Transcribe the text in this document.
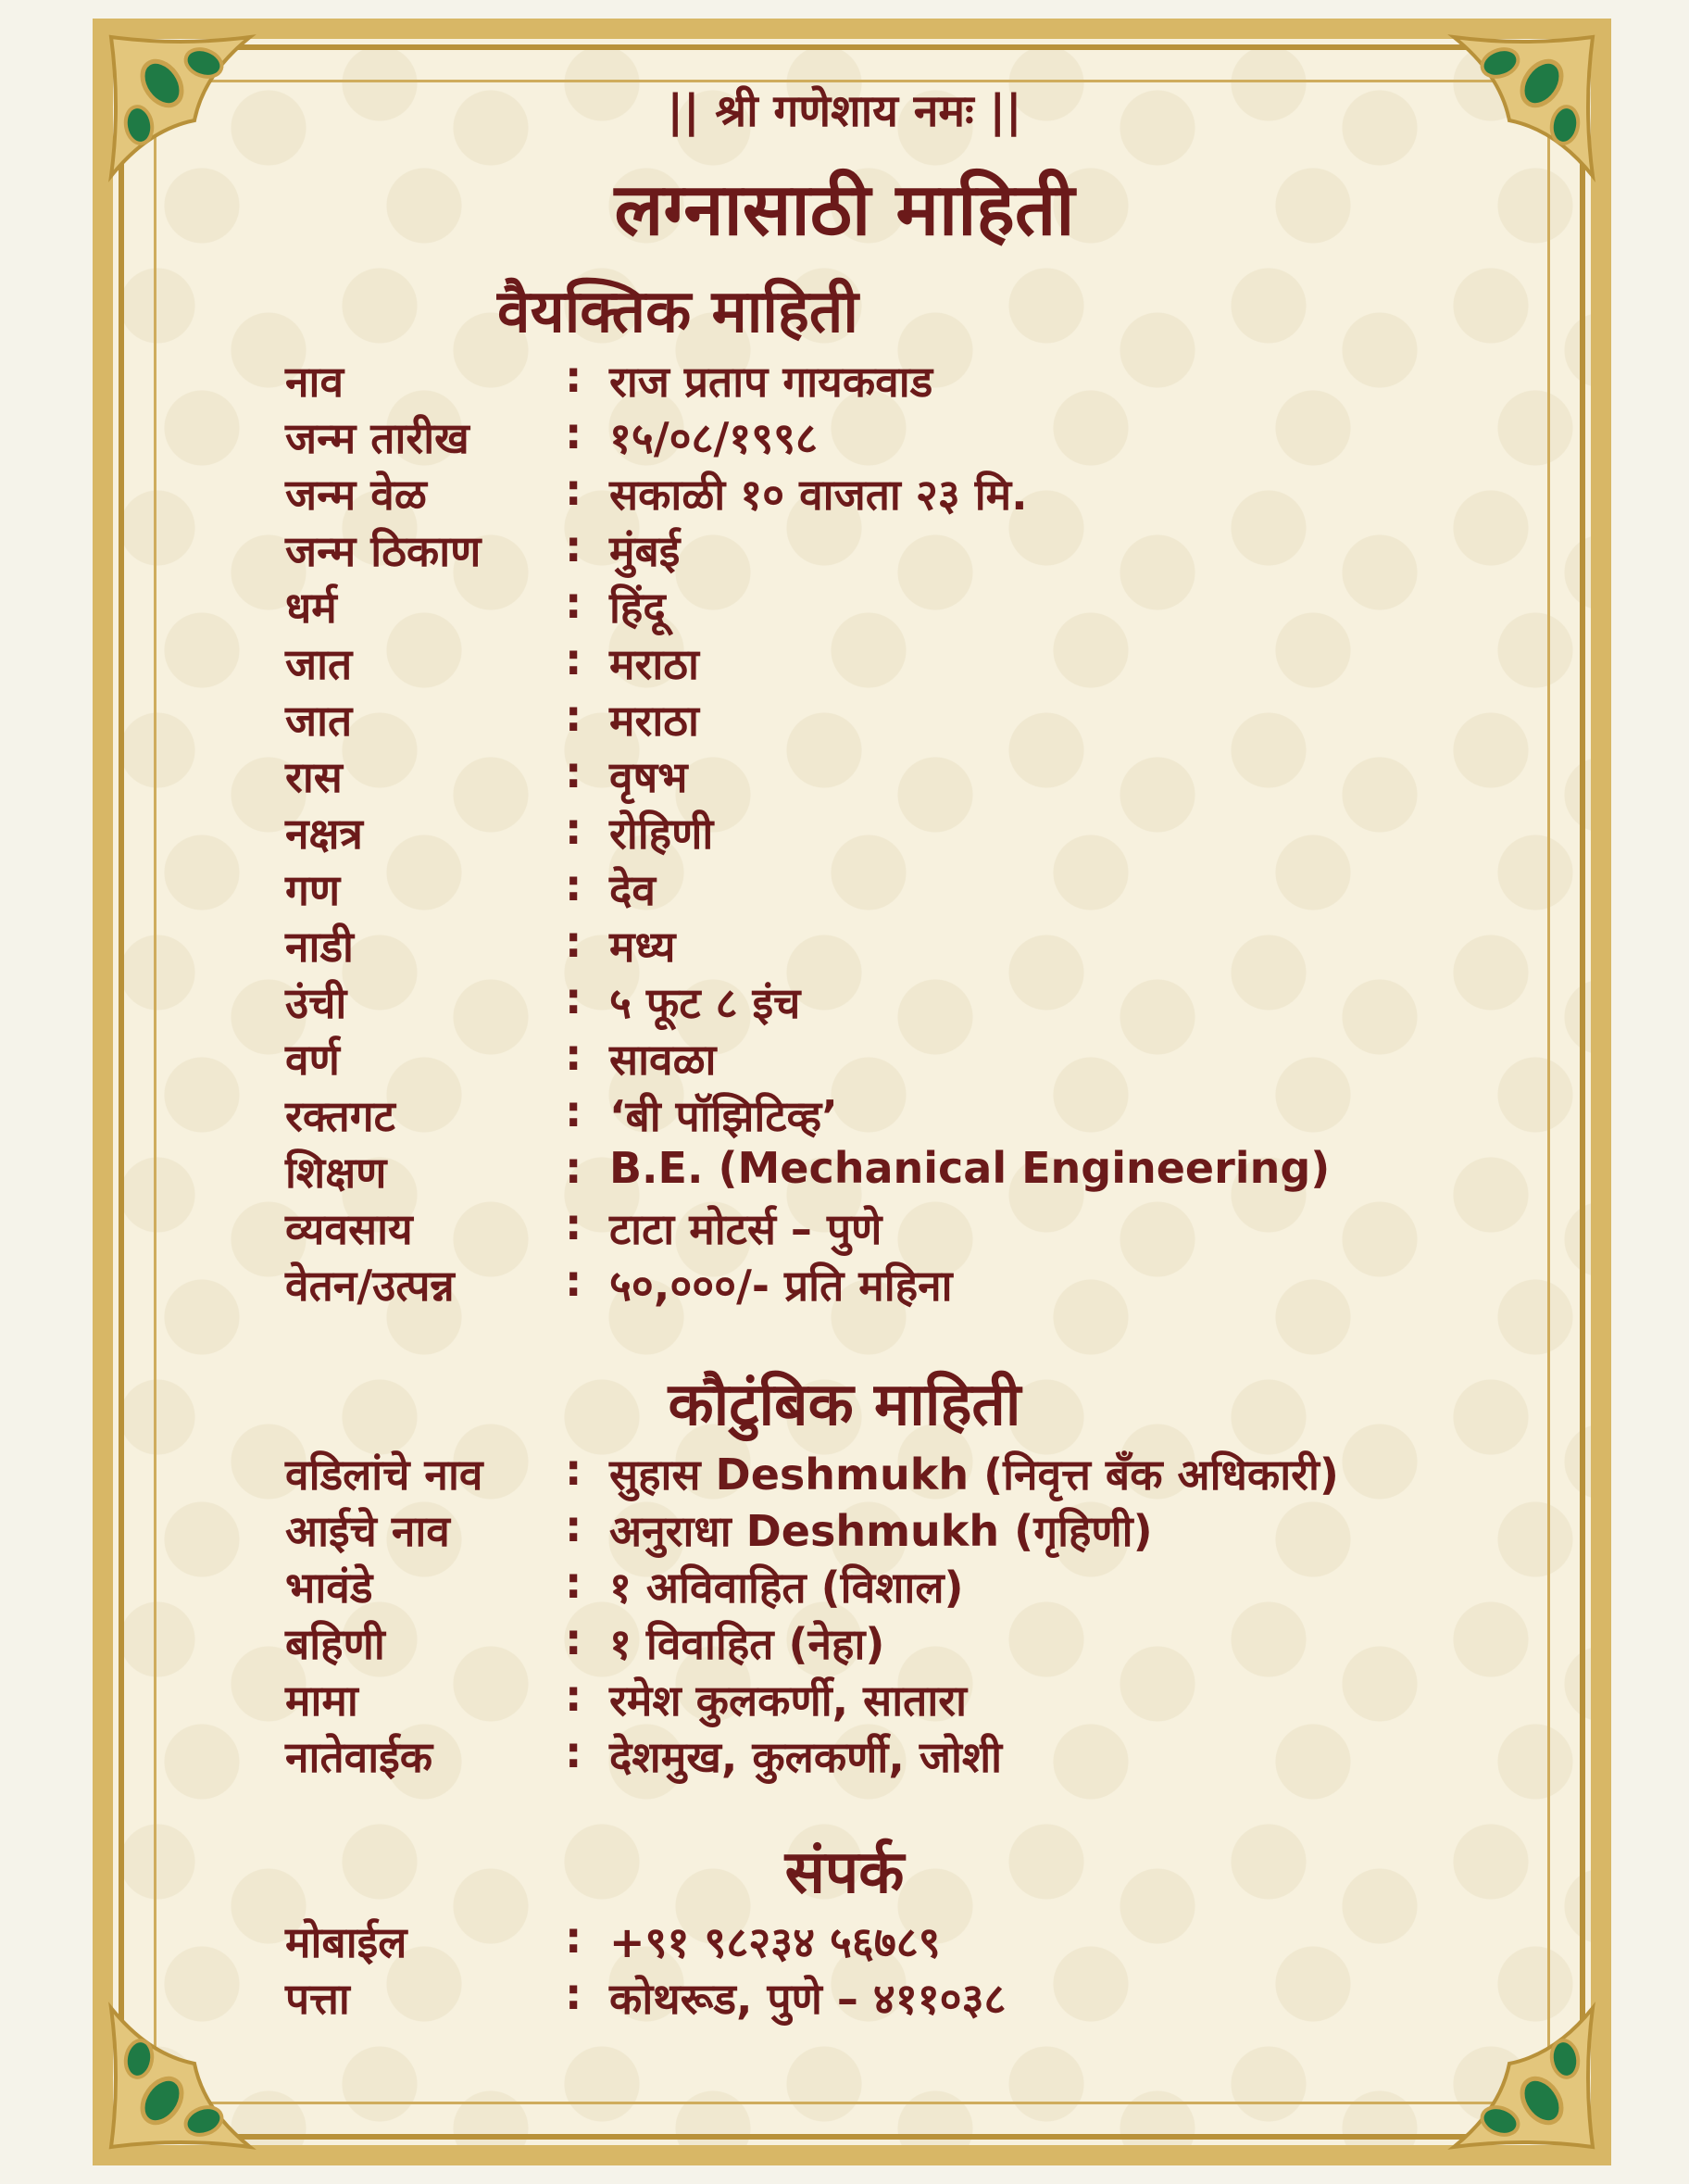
|| श्री गणेशाय नमः ||
लग्नासाठी माहिती
वैयक्तिक माहिती
नाव	: राज प्रताप गायकवाड
जन्म तारीख	: १५/०८/१९९८
जन्म वेळ	: सकाळी १० वाजता २३ मि.
जन्म ठिकाण	: मुंबई
धर्म	: हिंदू
जात	: मराठा
जात	: मराठा
रास	: वृषभ
नक्षत्र	: रोहिणी
गण	: देव
नाडी	: मध्य
उंची	: ५ फूट ८ इंच
वर्ण	: सावळा
रक्तगट	: ‘बी पॉझिटिव्ह’
शिक्षण	: B.E. (Mechanical Engineering)
व्यवसाय	: टाटा मोटर्स – पुणे
वेतन/उत्पन्न	: ५०,०००/- प्रति महिना
कौटुंबिक माहिती
वडिलांचे नाव	: सुहास Deshmukh (निवृत्त बँक अधिकारी)
आईचे नाव	: अनुराधा Deshmukh (गृहिणी)
भावंडे	: १ अविवाहित (विशाल)
बहिणी	: १ विवाहित (नेहा)
मामा	: रमेश कुलकर्णी, सातारा
नातेवाईक	: देशमुख, कुलकर्णी, जोशी
संपर्क
मोबाईल	: +९१ ९८२३४ ५६७८९
पत्ता	: कोथरूड, पुणे – ४११०३८
